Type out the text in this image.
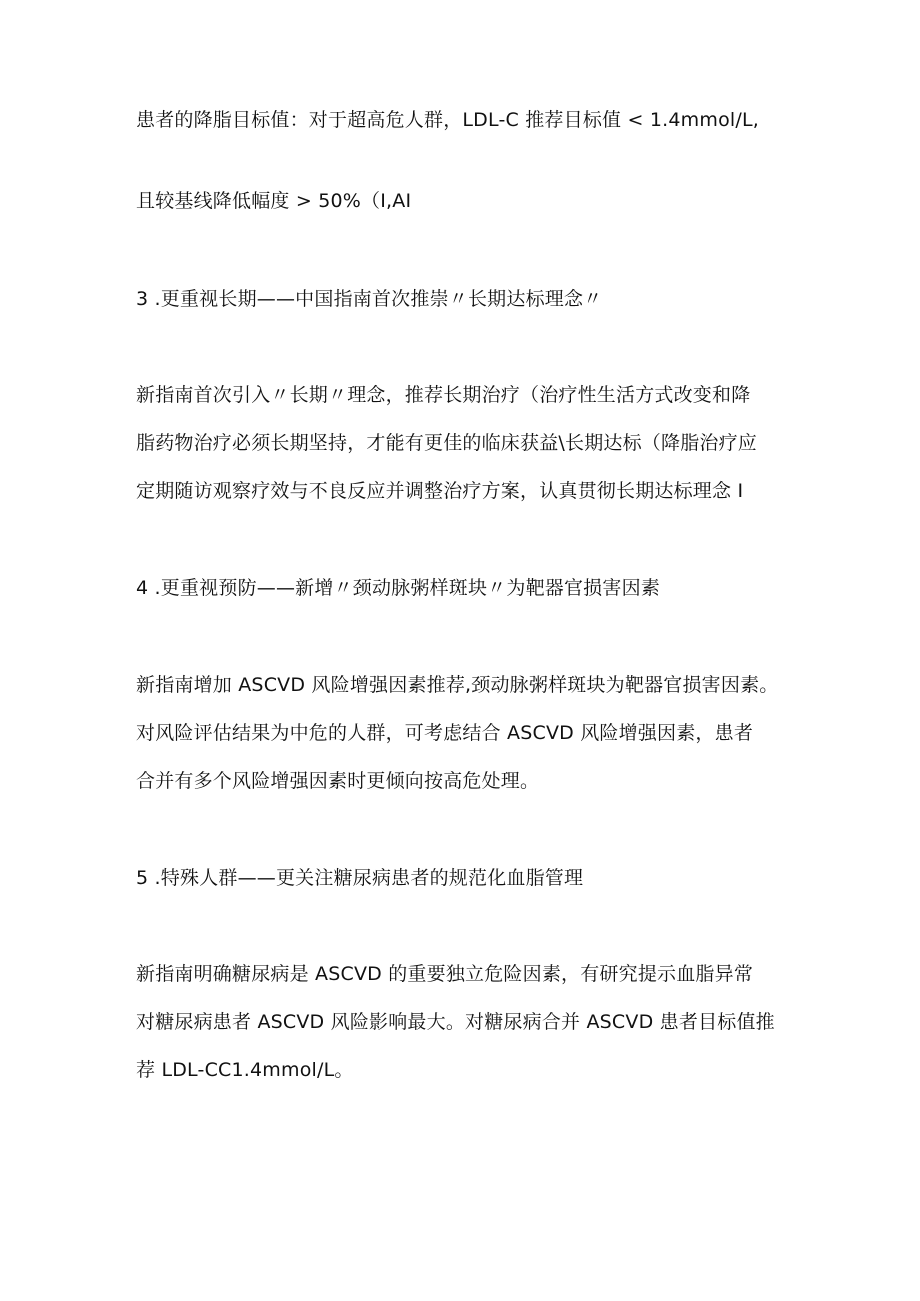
患者的降脂目标值：对于超高危人群，LDL-C 推荐目标值 < 1.4mmol/L,
且较基线降低幅度 > 50%（I,AI
3 .更重视长期——中国指南首次推崇〃长期达标理念〃
新指南首次引入〃长期〃理念，推荐长期治疗（治疗性生活方式改变和降
脂药物治疗必须长期坚持，才能有更佳的临床获益\长期达标（降脂治疗应
定期随访观察疗效与不良反应并调整治疗方案，认真贯彻长期达标理念 I
4 .更重视预防——新增〃颈动脉粥样斑块〃为靶器官损害因素
新指南增加 ASCVD 风险增强因素推荐,颈动脉粥样斑块为靶器官损害因素。
对风险评估结果为中危的人群，可考虑结合 ASCVD 风险增强因素，患者
合并有多个风险增强因素时更倾向按高危处理。
5 .特殊人群——更关注糖尿病患者的规范化血脂管理
新指南明确糖尿病是 ASCVD 的重要独立危险因素，有研究提示血脂异常
对糖尿病患者 ASCVD 风险影响最大。对糖尿病合并 ASCVD 患者目标值推
荐 LDL-CC1.4mmol/L。
